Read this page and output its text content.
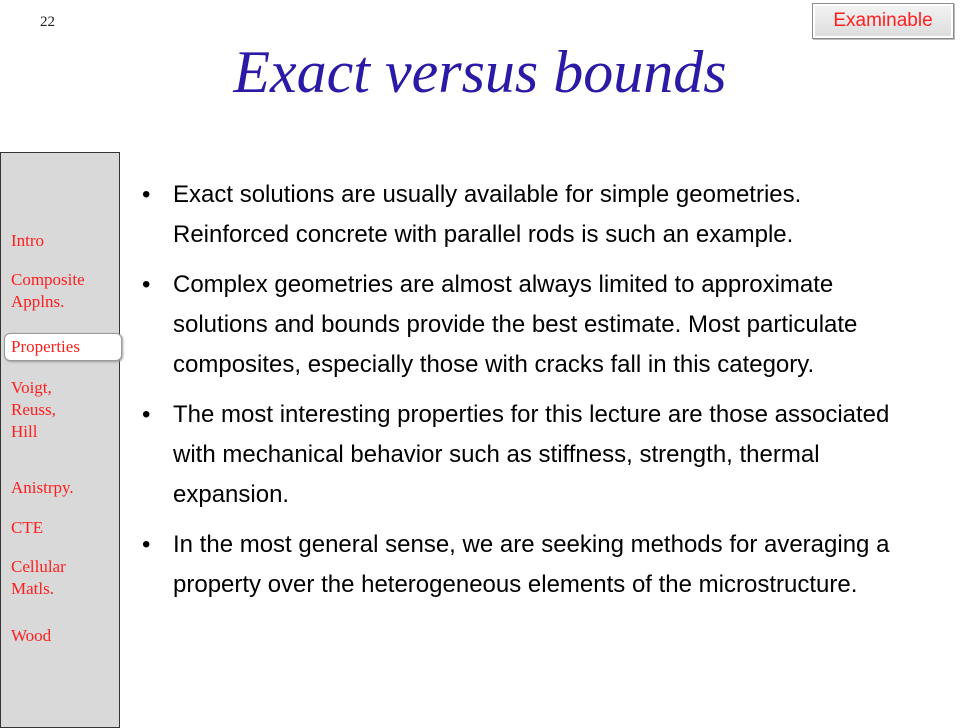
22	Examinable
Exact versus bounds
Intro
Composite Applns.
Properties
Voigt, Reuss, Hill
Anistrpy.
CTE
Cellular Matls.
Wood
• Exact solutions are usually available for simple geometries. Reinforced concrete with parallel rods is such an example.
• Complex geometries are almost always limited to approximate solutions and bounds provide the best estimate. Most particulate composites, especially those with cracks fall in this category.
• The most interesting properties for this lecture are those associated with mechanical behavior such as stiffness, strength, thermal expansion.
• In the most general sense, we are seeking methods for averaging a property over the heterogeneous elements of the microstructure.
